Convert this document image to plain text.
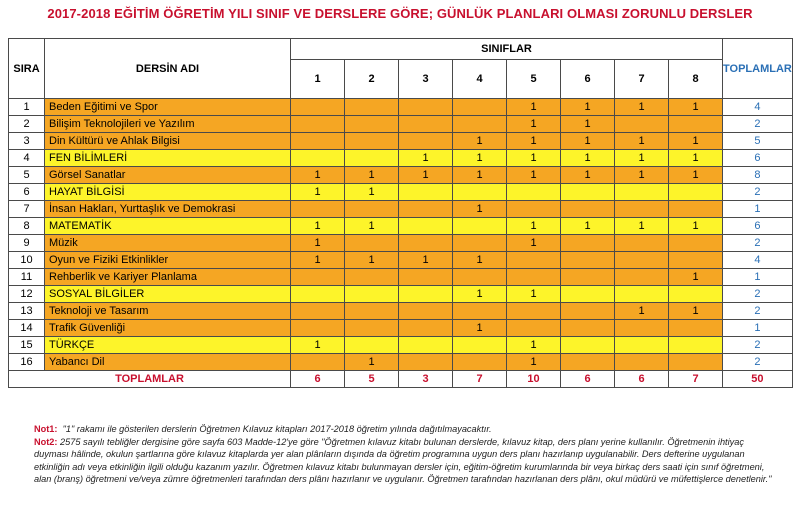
2017-2018 EĞİTİM ÖĞRETİM YILI SINIF VE DERSLERE GÖRE; GÜNLÜK PLANLARI OLMASI ZORUNLU DERSLER
SIRA	DERSİN ADI	SINIFLAR								TOPLAMLAR
		1	2	3	4	5	6	7	8	
1	Beden Eğitimi ve Spor					1	1	1	1	4
2	Bilişim Teknolojileri ve Yazılım					1	1			2
3	Din Kültürü ve Ahlak Bilgisi				1	1	1	1	1	5
4	FEN BİLİMLERİ			1	1	1	1	1	1	6
5	Görsel Sanatlar	1	1	1	1	1	1	1	1	8
6	HAYAT BİLGİSİ	1	1							2
7	İnsan Hakları, Yurttaşlık ve Demokrasi				1					1
8	MATEMATİK	1	1			1	1	1	1	6
9	Müzik	1				1				2
10	Oyun ve Fiziki Etkinlikler	1	1	1	1					4
11	Rehberlik ve Kariyer Planlama								1	1
12	SOSYAL BİLGİLER				1	1				2
13	Teknoloji ve Tasarım							1	1	2
14	Trafik Güvenliği				1					1
15	TÜRKÇE	1				1				2
16	Yabancı Dil		1			1				2
TOPLAMLAR		6	5	3	7	10	6	6	7	50

Not1: "1" rakamı ile gösterilen derslerin Öğretmen Kılavuz kitapları 2017-2018 öğretim yılında dağıtılmayacaktır.

Not2: 2575 sayılı tebliğler dergisine göre sayfa 603 Madde-12'ye göre "Öğretmen kılavuz kitabı bulunan derslerde, kılavuz kitap, ders planı yerine kullanılır. Öğretmenin ihtiyaç duyması hâlinde, okulun şartlarına göre kılavuz kitaplarda yer alan plânların dışında da öğretim programına uygun ders planı hazırlanıp uygulanabilir. Ders defterine uygulanan etkinliğin adı veya etkinliğin ilgili olduğu kazanım yazılır. Öğretmen kılavuz kitabı bulunmayan dersler için, eğitim-öğretim kurumlarında bir veya birkaç ders saati için sınıf öğretmeni, alan (branş) öğretmeni ve/veya zümre öğretmenleri tarafından ders plânı hazırlanır ve uygulanır. Öğretmen tarafından hazırlanan ders plânı, okul müdürü ve müfettişlerce denetlenir."
